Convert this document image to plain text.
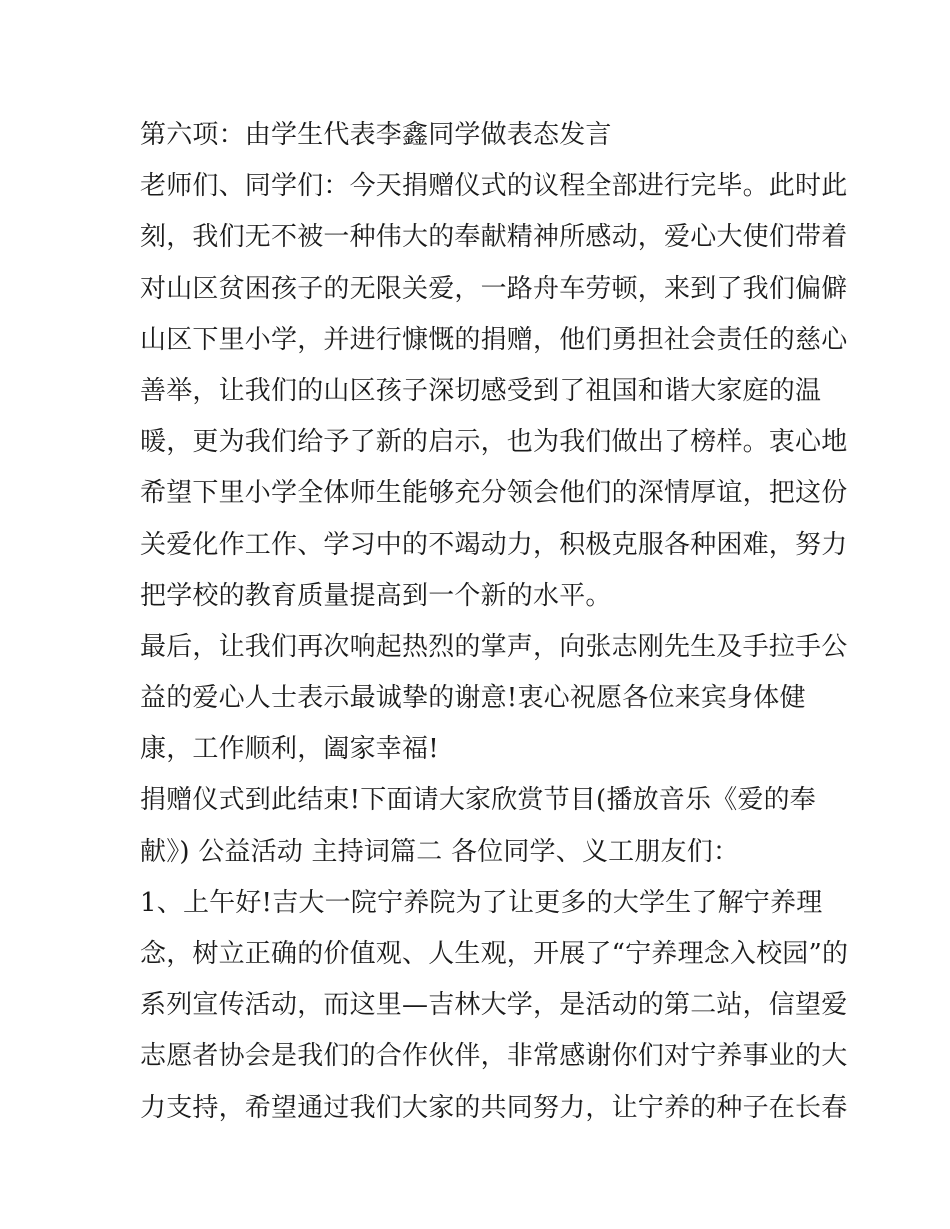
第六项：由学生代表李鑫同学做表态发言
老师们、同学们：今天捐赠仪式的议程全部进行完毕。此时此
刻，我们无不被一种伟大的奉献精神所感动，爱心大使们带着
对山区贫困孩子的无限关爱，一路舟车劳顿，来到了我们偏僻
山区下里小学，并进行慷慨的捐赠，他们勇担社会责任的慈心
善举，让我们的山区孩子深切感受到了祖国和谐大家庭的温
暖，更为我们给予了新的启示，也为我们做出了榜样。衷心地
希望下里小学全体师生能够充分领会他们的深情厚谊，把这份
关爱化作工作、学习中的不竭动力，积极克服各种困难，努力
把学校的教育质量提高到一个新的水平。
最后，让我们再次响起热烈的掌声，向张志刚先生及手拉手公
益的爱心人士表示最诚挚的谢意!衷心祝愿各位来宾身体健
康，工作顺利，阖家幸福!
捐赠仪式到此结束!下面请大家欣赏节目(播放音乐《爱的奉
献》) 公益活动 主持词篇二 各位同学、义工朋友们：
1、上午好!吉大一院宁养院为了让更多的大学生了解宁养理
念，树立正确的价值观、人生观，开展了“宁养理念入校园”的
系列宣传活动，而这里—吉林大学，是活动的第二站，信望爱
志愿者协会是我们的合作伙伴，非常感谢你们对宁养事业的大
力支持，希望通过我们大家的共同努力，让宁养的种子在长春
